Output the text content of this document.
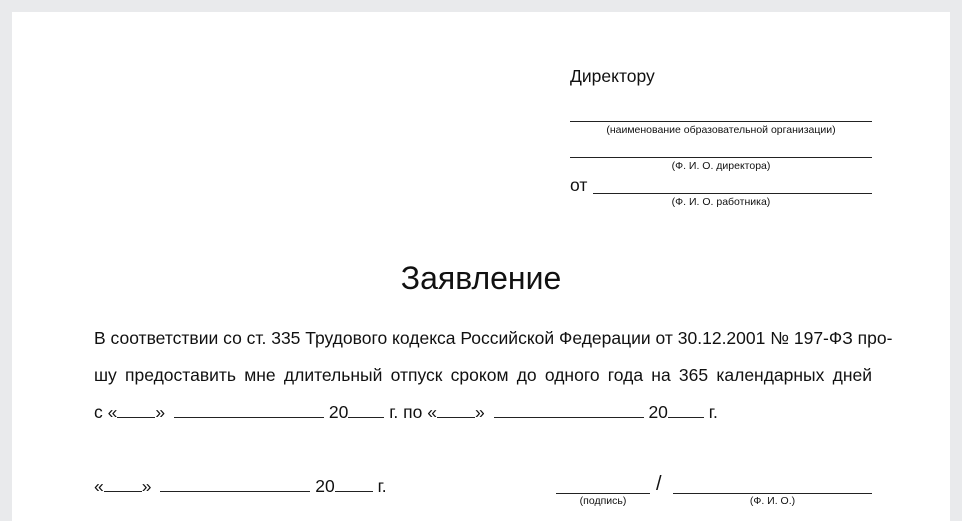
Директору
(наименование образовательной организации)
(Ф. И. О. директора)
от
(Ф. И. О. работника)
Заявление
В соответствии со ст. 335 Трудового кодекса Российской Федерации от 30.12.2001 № 197-ФЗ про-
шу предоставить мне длительный отпуск сроком до одного года на 365 календарных дней
с « »	20 г. по « »	20 г.
« »	20 г.
(подпись)
/
(Ф. И. О.)
